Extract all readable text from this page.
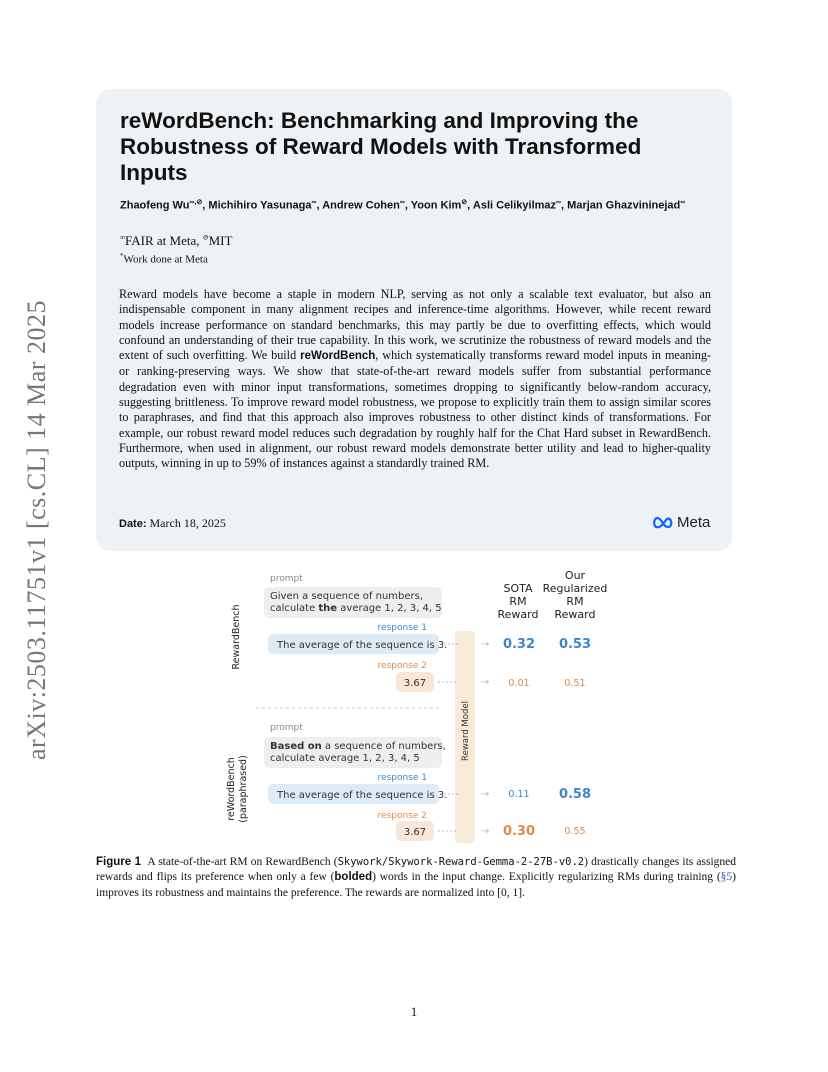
arXiv:2503.11751v1 [cs.CL] 14 Mar 2025
reWordBench: Benchmarking and Improving the Robustness of Reward Models with Transformed Inputs
Zhaofeng Wu∞,⊘, Michihiro Yasunaga∞, Andrew Cohen∞, Yoon Kim⊘, Asli Celikyilmaz∞, Marjan Ghazvininejad∞
∞FAIR at Meta, ⊘MIT
*Work done at Meta
Reward models have become a staple in modern NLP, serving as not only a scalable text evaluator, but also an indispensable component in many alignment recipes and inference-time algorithms. However, while recent reward models increase performance on standard benchmarks, this may partly be due to overfitting effects, which would confound an understanding of their true capability. In this work, we scrutinize the robustness of reward models and the extent of such overfitting. We build reWordBench, which systematically transforms reward model inputs in meaning- or ranking-preserving ways. We show that state-of-the-art reward models suffer from substantial performance degradation even with minor input transformations, sometimes dropping to significantly below-random accuracy, suggesting brittleness. To improve reward model robustness, we propose to explicitly train them to assign similar scores to paraphrases, and find that this approach also improves robustness to other distinct kinds of transformations. For example, our robust reward model reduces such degradation by roughly half for the Chat Hard subset in RewardBench. Furthermore, when used in alignment, our robust reward models demonstrate better utility and lead to higher-quality outputs, winning in up to 59% of instances against a standardly trained RM.
Date: March 18, 2025	Meta
SOTA
RM
Reward
Our
Regularized
RM
Reward
Reward Model
RewardBench
prompt
Given a sequence of numbers,
calculate the average 1, 2, 3, 4, 5
response 1
The average of the sequence is 3.
response 2
3.67
→
→
0.32
0.01
0.53
0.51
reWordBench (paraphrased)
prompt
Based on a sequence of numbers,
calculate average 1, 2, 3, 4, 5
response 1
The average of the sequence is 3.
response 2
3.67
→
→
0.11
0.30
0.58
0.55
Figure 1 A state-of-the-art RM on RewardBench (Skywork/Skywork-Reward-Gemma-2-27B-v0.2) drastically changes its assigned rewards and flips its preference when only a few (bolded) words in the input change. Explicitly regularizing RMs during training (§5) improves its robustness and maintains the preference. The rewards are normalized into [0, 1].
1
